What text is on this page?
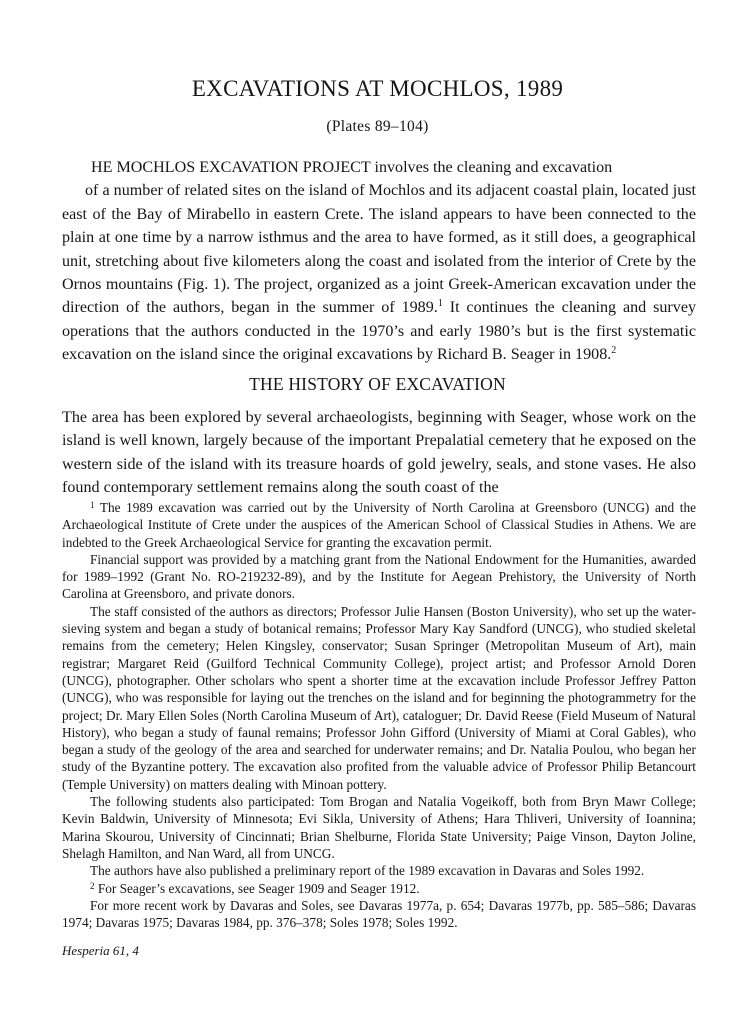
EXCAVATIONS AT MOCHLOS, 1989
(Plates 89–104)

HE MOCHLOS EXCAVATION PROJECT involves the cleaning and excavation
of a number of related sites on the island of Mochlos and its adjacent coastal plain, located just east of the Bay of Mirabello in eastern Crete. The island appears to have been connected to the plain at one time by a narrow isthmus and the area to have formed, as it still does, a geographical unit, stretching about five kilometers along the coast and isolated from the interior of Crete by the Ornos mountains (Fig. 1). The project, organized as a joint Greek-American excavation under the direction of the authors, began in the summer of 1989.$^1$ It continues the cleaning and survey operations that the authors conducted in the 1970’s and early 1980’s but is the first systematic excavation on the island since the original excavations by Richard B. Seager in 1908.$^2$

THE HISTORY OF EXCAVATION

The area has been explored by several archaeologists, beginning with Seager, whose work on the island is well known, largely because of the important Prepalatial cemetery that he exposed on the western side of the island with its treasure hoards of gold jewelry, seals, and stone vases. He also found contemporary settlement remains along the south coast of the

$^1$ The 1989 excavation was carried out by the University of North Carolina at Greensboro (UNCG) and the Archaeological Institute of Crete under the auspices of the American School of Classical Studies in Athens. We are indebted to the Greek Archaeological Service for granting the excavation permit.

Financial support was provided by a matching grant from the National Endowment for the Humanities, awarded for 1989–1992 (Grant No. RO-219232-89), and by the Institute for Aegean Prehistory, the University of North Carolina at Greensboro, and private donors.

The staff consisted of the authors as directors; Professor Julie Hansen (Boston University), who set up the water-sieving system and began a study of botanical remains; Professor Mary Kay Sandford (UNCG), who studied skeletal remains from the cemetery; Helen Kingsley, conservator; Susan Springer (Metropolitan Museum of Art), main registrar; Margaret Reid (Guilford Technical Community College), project artist; and Professor Arnold Doren (UNCG), photographer. Other scholars who spent a shorter time at the excavation include Professor Jeffrey Patton (UNCG), who was responsible for laying out the trenches on the island and for beginning the photogrammetry for the project; Dr. Mary Ellen Soles (North Carolina Museum of Art), cataloguer; Dr. David Reese (Field Museum of Natural History), who began a study of faunal remains; Professor John Gifford (University of Miami at Coral Gables), who began a study of the geology of the area and searched for underwater remains; and Dr. Natalia Poulou, who began her study of the Byzantine pottery. The excavation also profited from the valuable advice of Professor Philip Betancourt (Temple University) on matters dealing with Minoan pottery.

The following students also participated: Tom Brogan and Natalia Vogeikoff, both from Bryn Mawr College; Kevin Baldwin, University of Minnesota; Evi Sikla, University of Athens; Hara Thliveri, University of Ioannina; Marina Skourou, University of Cincinnati; Brian Shelburne, Florida State University; Paige Vinson, Dayton Joline, Shelagh Hamilton, and Nan Ward, all from UNCG.

The authors have also published a preliminary report of the 1989 excavation in Davaras and Soles 1992.

$^2$ For Seager’s excavations, see Seager 1909 and Seager 1912.

For more recent work by Davaras and Soles, see Davaras 1977a, p. 654; Davaras 1977b, pp. 585–586; Davaras 1974; Davaras 1975; Davaras 1984, pp. 376–378; Soles 1978; Soles 1992.

Hesperia 61, 4
